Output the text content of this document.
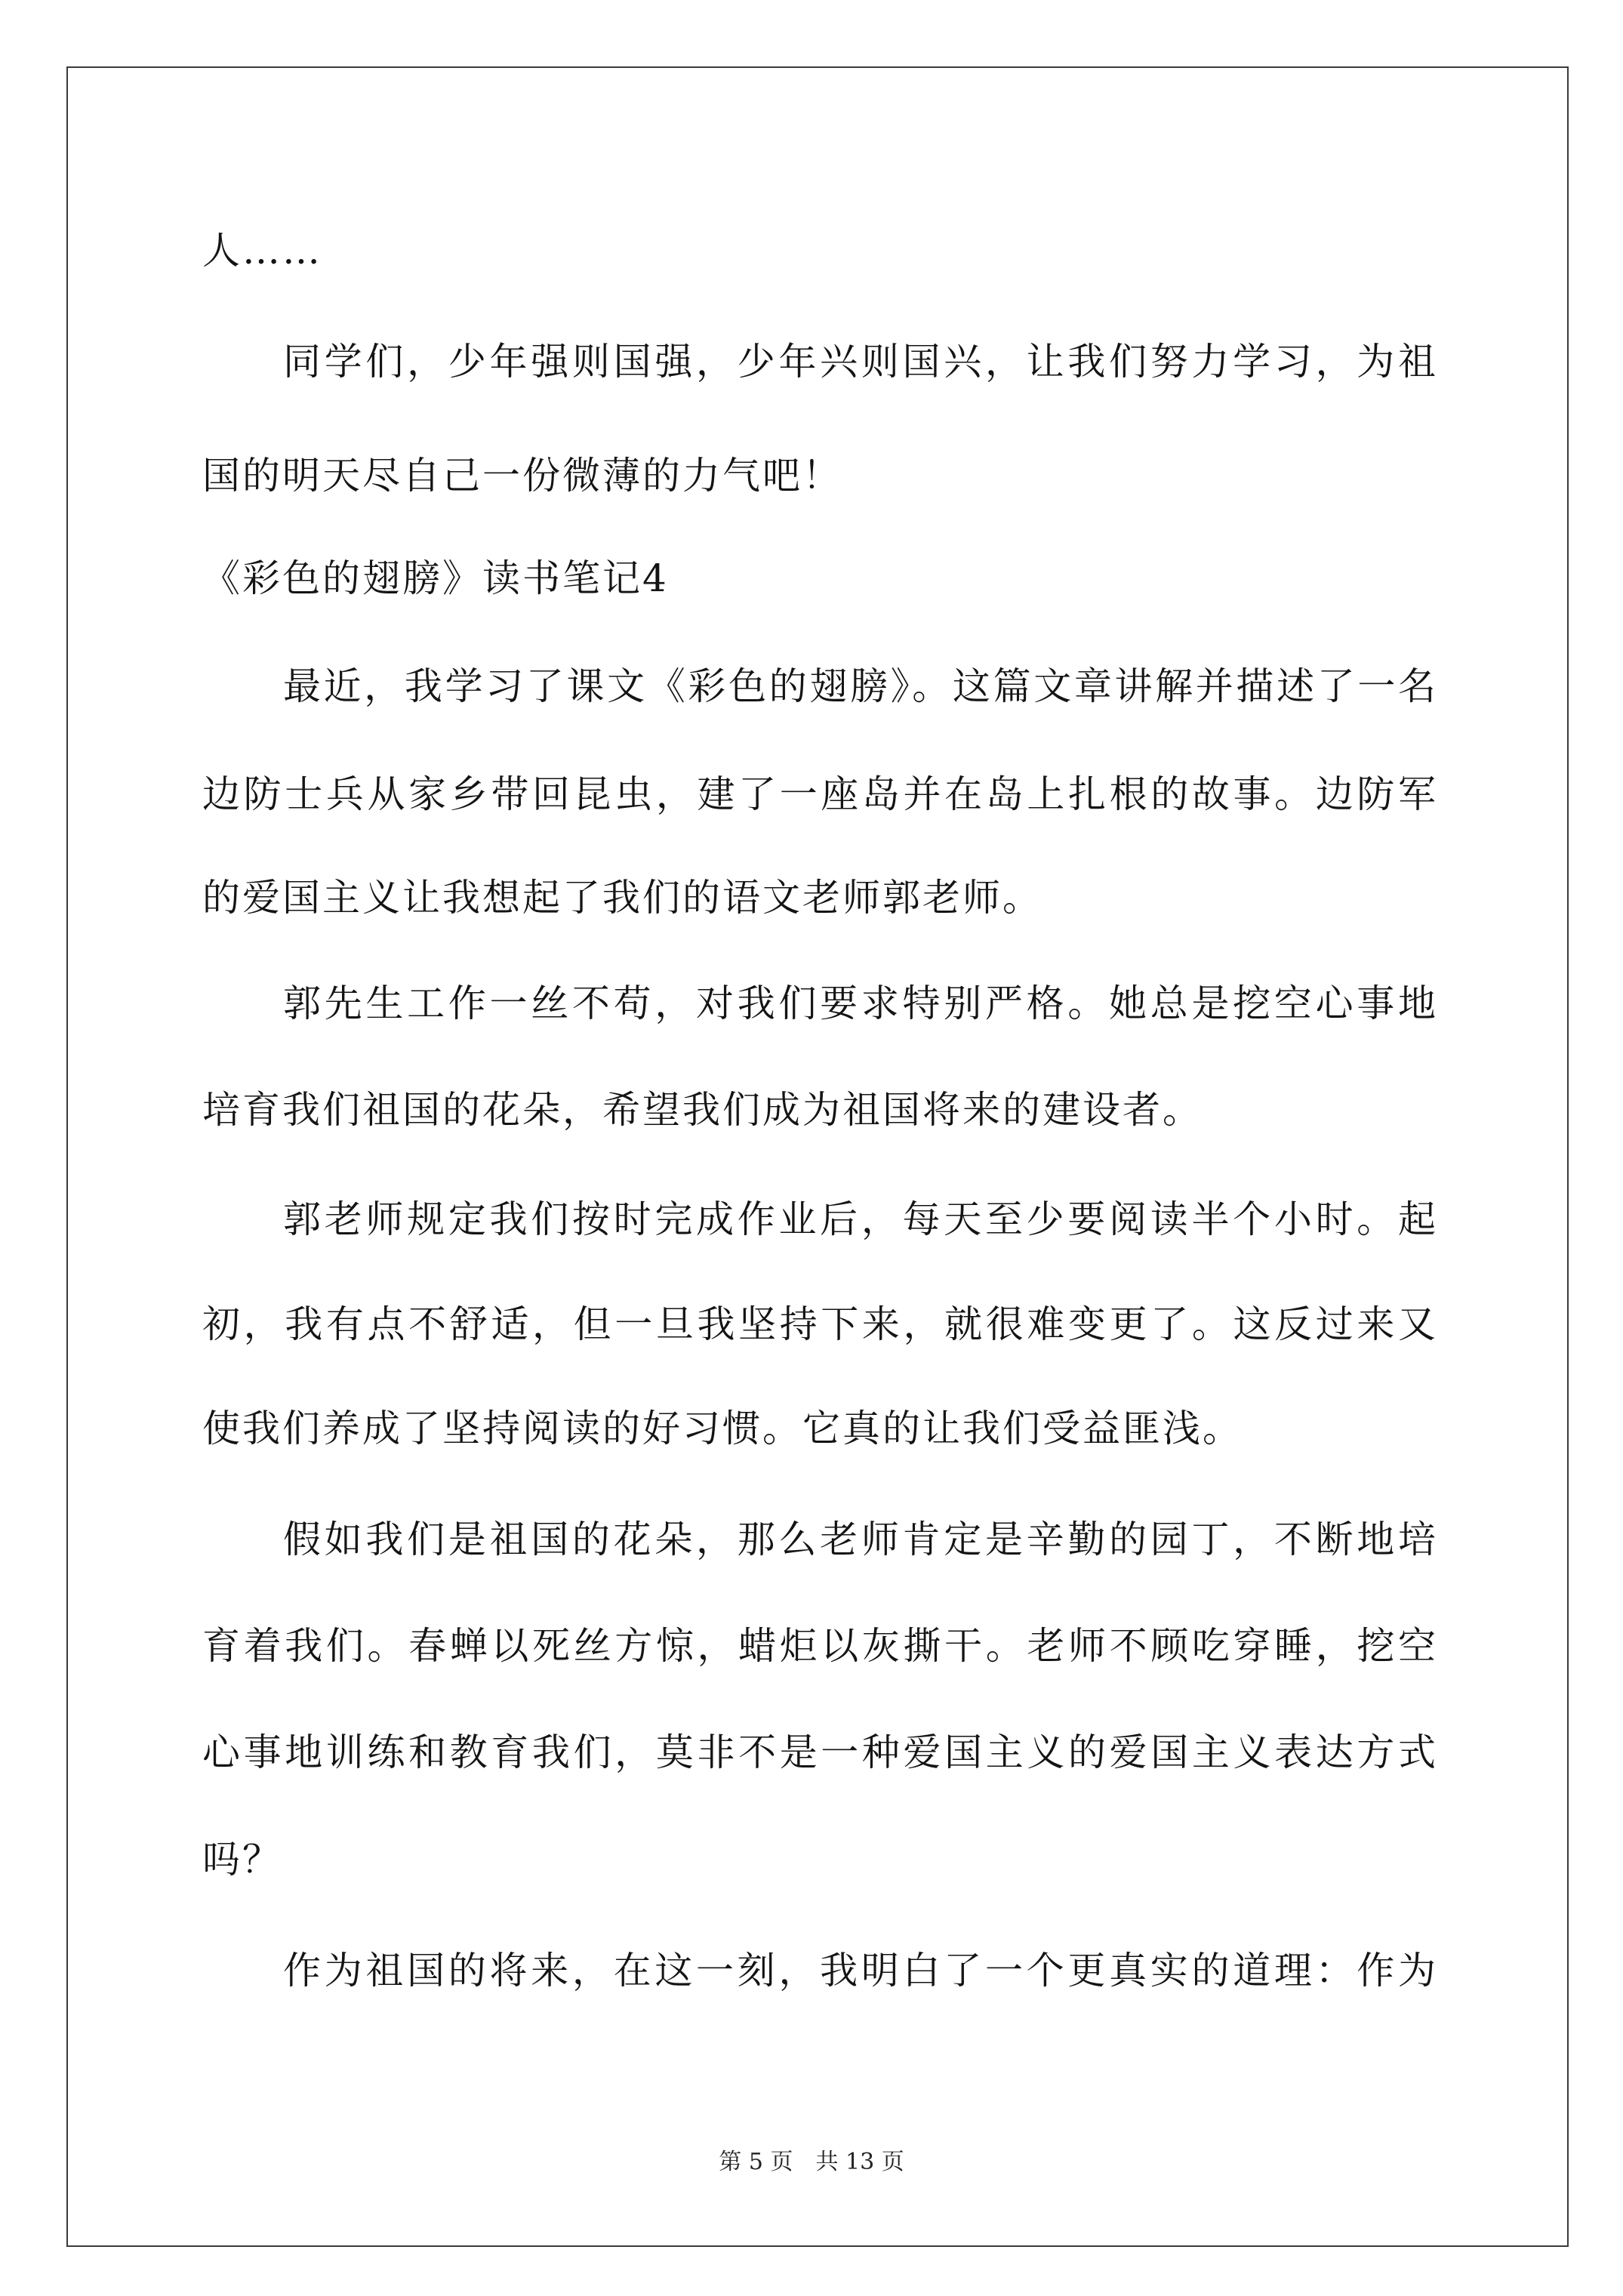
人……
同学们，少年强则国强，少年兴则国兴，让我们努力学习，为祖
国的明天尽自己一份微薄的力气吧！
《彩色的翅膀》读书笔记4
最近，我学习了课文《彩色的翅膀》。这篇文章讲解并描述了一名
边防士兵从家乡带回昆虫，建了一座岛并在岛上扎根的故事。边防军
的爱国主义让我想起了我们的语文老师郭老师。
郭先生工作一丝不苟，对我们要求特别严格。她总是挖空心事地
培育我们祖国的花朵，希望我们成为祖国将来的建设者。
郭老师规定我们按时完成作业后，每天至少要阅读半个小时。起
初，我有点不舒适，但一旦我坚持下来，就很难变更了。这反过来又
使我们养成了坚持阅读的好习惯。它真的让我们受益匪浅。
假如我们是祖国的花朵，那么老师肯定是辛勤的园丁，不断地培
育着我们。春蝉以死丝方惊，蜡炬以灰撕干。老师不顾吃穿睡，挖空
心事地训练和教育我们，莫非不是一种爱国主义的爱国主义表达方式
吗？
作为祖国的将来，在这一刻，我明白了一个更真实的道理：作为
第 5 页　共 13 页
